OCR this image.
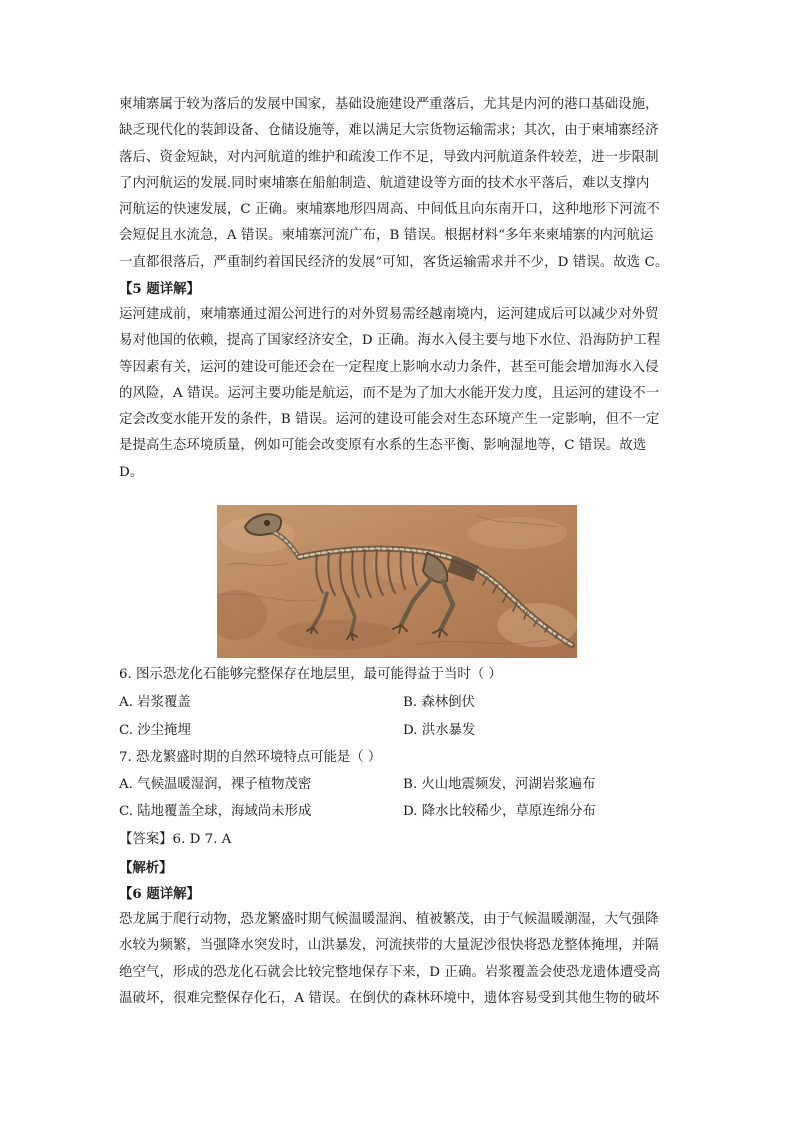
柬埔寨属于较为落后的发展中国家，基础设施建设严重落后，尤其是内河的港口基础设施，
缺乏现代化的装卸设备、仓储设施等，难以满足大宗货物运输需求；其次，由于柬埔寨经济
落后、资金短缺，对内河航道的维护和疏浚工作不足，导致内河航道条件较差，进一步限制
了内河航运的发展.同时柬埔寨在船舶制造、航道建设等方面的技术水平落后，难以支撑内
河航运的快速发展，C 正确。柬埔寨地形四周高、中间低且向东南开口，这种地形下河流不
会短促且水流急，A 错误。柬埔寨河流广布，B 错误。根据材料“多年来柬埔寨的内河航运
一直都很落后，严重制约着国民经济的发展”可知，客货运输需求并不少，D 错误。故选 C。
【5 题详解】
运河建成前，柬埔寨通过湄公河进行的对外贸易需经越南境内，运河建成后可以减少对外贸
易对他国的依赖，提高了国家经济安全，D 正确。海水入侵主要与地下水位、沿海防护工程
等因素有关，运河的建设可能还会在一定程度上影响水动力条件，甚至可能会增加海水入侵
的风险，A 错误。运河主要功能是航运，而不是为了加大水能开发力度，且运河的建设不一
定会改变水能开发的条件，B 错误。运河的建设可能会对生态环境产生一定影响，但不一定
是提高生态环境质量，例如可能会改变原有水系的生态平衡、影响湿地等，C 错误。故选
D。
6. 图示恐龙化石能够完整保存在地层里，最可能得益于当时（ ）
A. 岩浆覆盖	B. 森林倒伏
C. 沙尘掩埋	D. 洪水暴发
7. 恐龙繁盛时期的自然环境特点可能是（ ）
A. 气候温暖湿润，裸子植物茂密	B. 火山地震频发，河湖岩浆遍布
C. 陆地覆盖全球，海域尚未形成	D. 降水比较稀少，草原连绵分布
【答案】6. D 7. A
【解析】
【6 题详解】
恐龙属于爬行动物，恐龙繁盛时期气候温暖湿润、植被繁茂，由于气候温暖潮湿，大气强降
水较为频繁，当强降水突发时，山洪暴发，河流挟带的大量泥沙很快将恐龙整体掩埋，并隔
绝空气，形成的恐龙化石就会比较完整地保存下来，D 正确。岩浆覆盖会使恐龙遗体遭受高
温破坏，很难完整保存化石，A 错误。在倒伏的森林环境中，遗体容易受到其他生物的破坏
